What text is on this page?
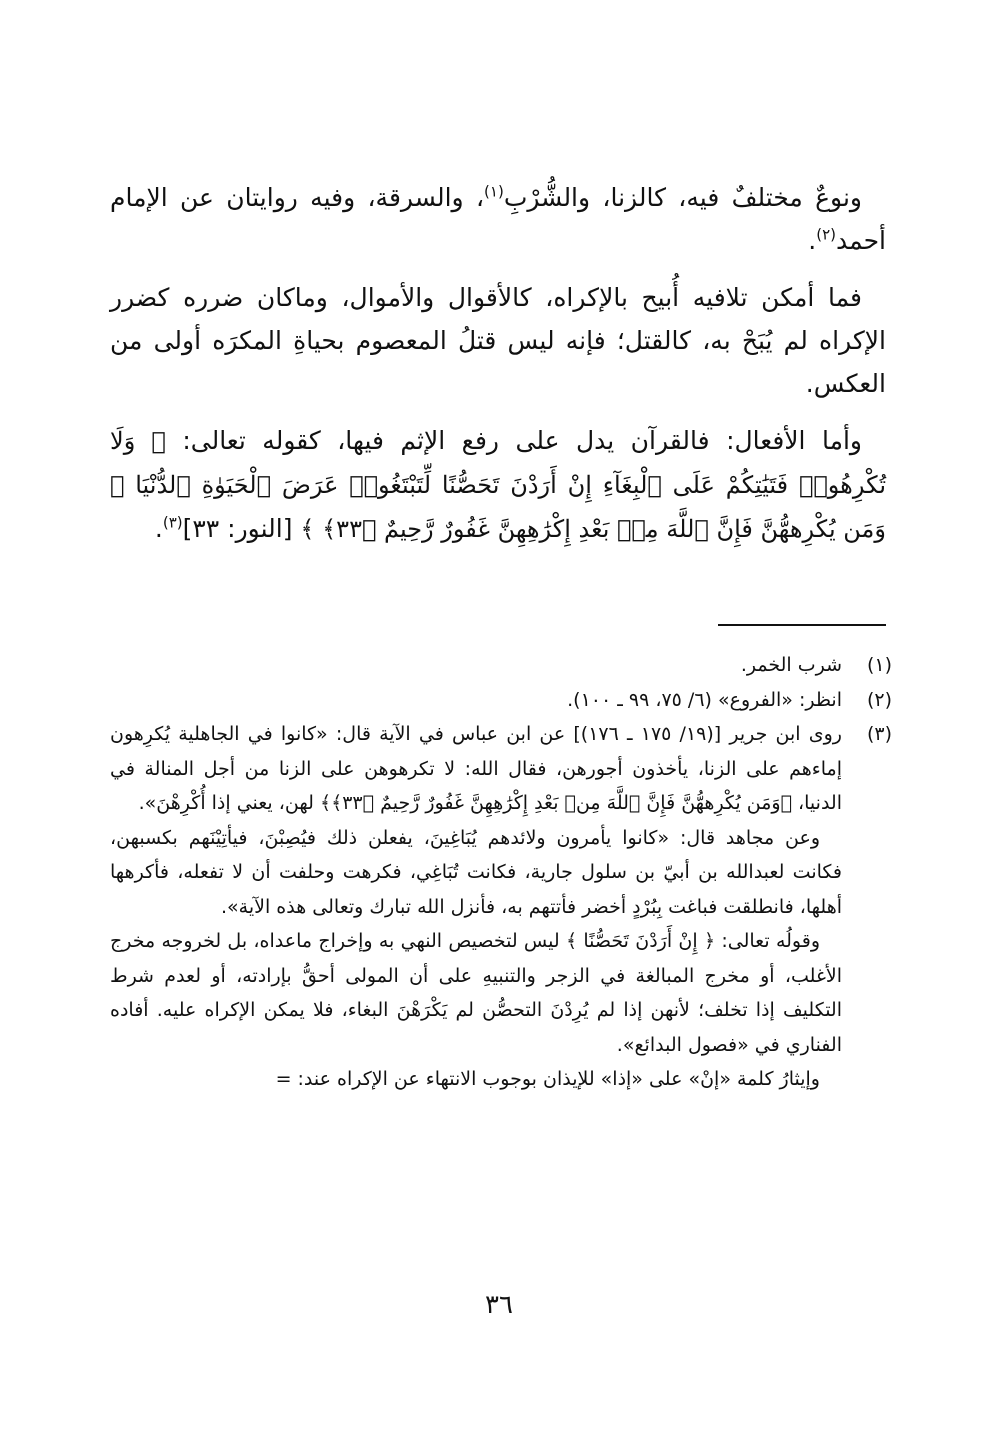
ونوعٌ مختلفٌ فيه، كالزنا، والشُّرْبِ$^{(١)}$، والسرقة، وفيه روايتان عن الإمام أحمد$^{(٢)}$.

فما أمكن تلافيه أُبيح بالإكراه، كالأقوال والأموال، وماكان ضرره كضرر الإكراه لم يُبَحْ به، كالقتل؛ فإنه ليس قتلُ المعصوم بحياةِ المكرَه أولى من العكس.

وأما الأفعال: فالقرآن يدل على رفع الإثم فيها، كقوله تعالى: ﴿ وَلَا تُكْرِهُوا۟ فَتَيَٰتِكُمْ عَلَى ٱلْبِغَآءِ إِنْ أَرَدْنَ تَحَصُّنًا لِّتَبْتَغُوا۟ عَرَضَ ٱلْحَيَوٰةِ ٱلدُّنْيَا ۚ وَمَن يُكْرِههُّنَّ فَإِنَّ ٱللَّهَ مِنۢ بَعْدِ إِكْرَٰهِهِنَّ غَفُورٌ رَّحِيمٌ ﴿٣٣﴾ ﴾ [النور: ٣٣]$^{(٣)}$.

(١)

شرب الخمر.

(٢)

انظر: «الفروع» (٦/ ٧٥، ٩٩ ـ ١٠٠).

(٣)

روى ابن جرير [(١٩/ ١٧٥ ـ ١٧٦)] عن ابن عباس في الآية قال: «كانوا في الجاهلية يُكرِهون إماءهم على الزنا، يأخذون أجورهن، فقال الله: لا تكرهوهن على الزنا من أجل المنالة في الدنيا، ﴿وَمَن يُكْرِههُّنَّ فَإِنَّ ٱللَّهَ مِنۢ بَعْدِ إِكْرَٰهِهِنَّ غَفُورٌ رَّحِيمٌ ﴿٣٣﴾﴾ لهن، يعني إذا أُكْرِهْنَ».

وعن مجاهد قال: «كانوا يأمرون ولائدهم يُبَاغِينَ، يفعلن ذلك فيُصِبْنَ، فيأتِيْنَهم بكسبهن، فكانت لعبدالله بن أبيّ بن سلول جارية، فكانت تُبَاغِي، فكرهت وحلفت أن لا تفعله، فأكرهها أهلها، فانطلقت فباغت بِبُرْدٍ أخضر فأتتهم به، فأنزل الله تبارك وتعالى هذه الآية».

وقولُه تعالى: ﴿ إِنْ أَرَدْنَ تَحَصُّنًا ﴾ ليس لتخصيص النهي به وإخراج ماعداه، بل لخروجه مخرج الأغلب، أو مخرج المبالغة في الزجر والتنبيهِ على أن المولى أحقُّ بإرادته، أو لعدم شرط التكليف إذا تخلف؛ لأنهن إذا لم يُرِدْنَ التحصُّن لم يَكْرَهْنَ البغاء، فلا يمكن الإكراه عليه. أفاده الفناري في «فصول البدائع».

وإيثارُ كلمة «إنْ» على «إذا» للإيذان بوجوب الانتهاء عن الإكراه عند: =

٣٦
